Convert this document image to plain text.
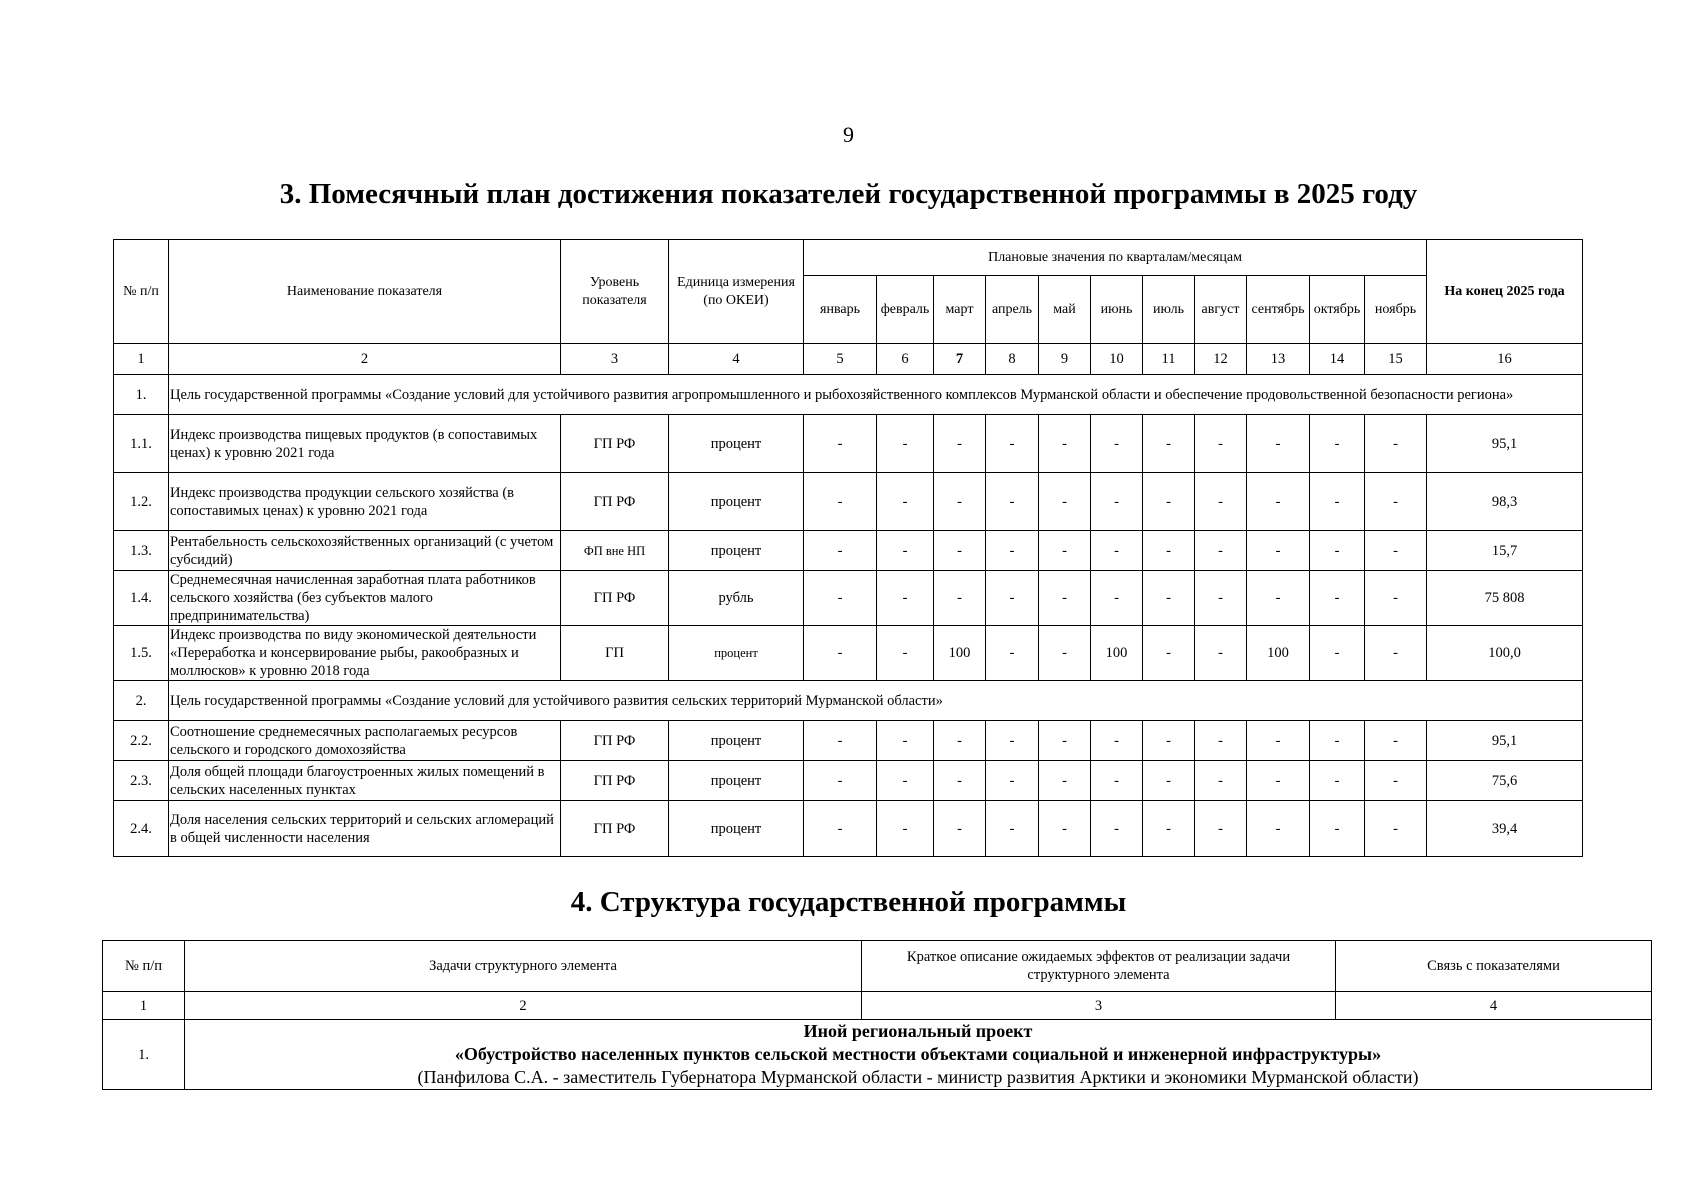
9
3. Помесячный план достижения показателей государственной программы в 2025 году
№ п/п	Наименование показателя	Уровень показателя	Единица измерения (по ОКЕИ)	Плановые значения по кварталам/месяцам											На конец 2025 года
				январь	февраль	март	апрель	май	июнь	июль	август	сентябрь	октябрь	ноябрь	
1	2	3	4	5	6	7	8	9	10	11	12	13	14	15	16
1.	Цель государственной программы «Создание условий для устойчивого развития агропромышленного и рыбохозяйственного комплексов Мурманской области и обеспечение продовольственной безопасности региона»														
1.1.	Индекс производства пищевых продуктов (в сопоставимых ценах) к уровню 2021 года	ГП РФ	процент	-	-	-	-	-	-	-	-	-	-	-	95,1
1.2.	Индекс производства продукции сельского хозяйства (в сопоставимых ценах) к уровню 2021 года	ГП РФ	процент	-	-	-	-	-	-	-	-	-	-	-	98,3
1.3.	Рентабельность сельскохозяйственных организаций (с учетом субсидий)	ФП вне НП	процент	-	-	-	-	-	-	-	-	-	-	-	15,7
1.4.	Среднемесячная начисленная заработная плата работников сельского хозяйства (без субъектов малого предпринимательства)	ГП РФ	рубль	-	-	-	-	-	-	-	-	-	-	-	75 808
1.5.	Индекс производства по виду экономической деятельности «Переработка и консервирование рыбы, ракообразных и моллюсков» к уровню 2018 года	ГП	процент	-	-	100	-	-	100	-	-	100	-	-	100,0
2.	Цель государственной программы «Создание условий для устойчивого развития сельских территорий Мурманской области»														
2.2.	Соотношение среднемесячных располагаемых ресурсов сельского и городского домохозяйства	ГП РФ	процент	-	-	-	-	-	-	-	-	-	-	-	95,1
2.3.	Доля общей площади благоустроенных жилых помещений в сельских населенных пунктах	ГП РФ	процент	-	-	-	-	-	-	-	-	-	-	-	75,6
2.4.	Доля населения сельских территорий и сельских агломераций в общей численности населения	ГП РФ	процент	-	-	-	-	-	-	-	-	-	-	-	39,4
4. Структура государственной программы
№ п/п	Задачи структурного элемента	Краткое описание ожидаемых эффектов от реализации задачи структурного элемента	Связь с показателями
1	2	3	4
1.	Иной региональный проект
«Обустройство населенных пунктов сельской местности объектами социальной и инженерной инфраструктуры»
(Панфилова С.А. - заместитель Губернатора Мурманской области - министр развития Арктики и экономики Мурманской области)		
